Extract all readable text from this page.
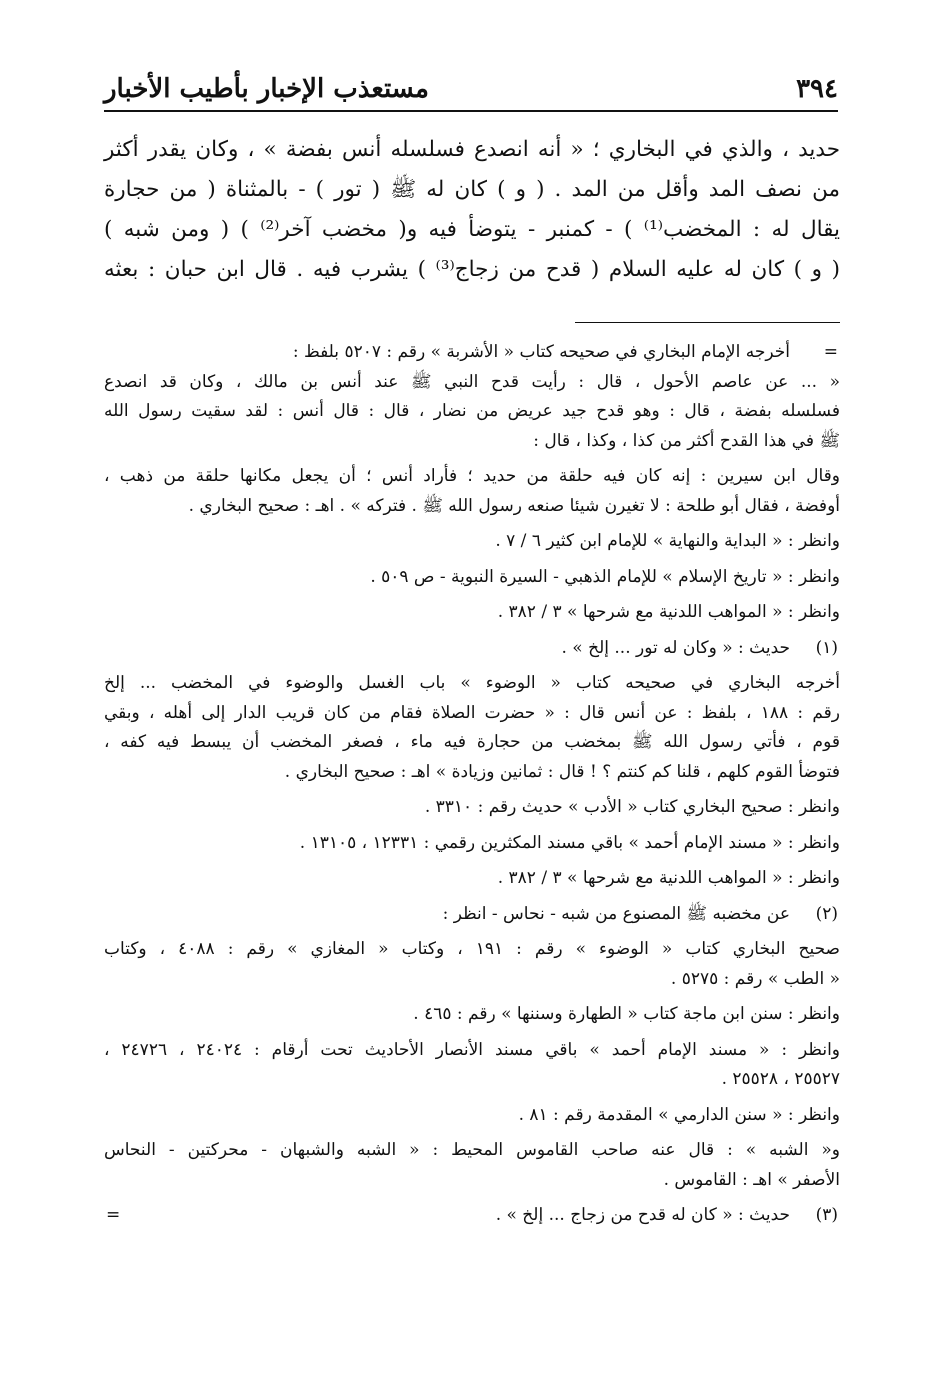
٣٩٤
مستعذب الإخبار بأطيب الأخبار

حديد ، والذي في البخاري ؛ « أنه انصدع فسلسله أنس بفضة » ، وكان يقدر أكثر

من نصف المد وأقل من المد . ( و ) كان له ﷺ ( تور ) - بالمثناة ( من حجارة

يقال له : المخضب⁽¹⁾ ) - كمنبر - يتوضأ فيه و( مخضب آخر⁽²⁾ ) ( ومن شبه )

( و ) كان له عليه السلام ( قدح من زجاج⁽³⁾ ) يشرب فيه . قال ابن حبان : بعثه

=

أخرجه الإمام البخاري في صحيحه كتاب « الأشربة » رقم : ٥٢٠٧ بلفظ :

« ... عن عاصم الأحول ، قال : رأيت قدح النبي ﷺ عند أنس بن مالك ، وكان قد انصدع

فسلسله بفضة ، قال : وهو قدح جيد عريض من نضار ، قال : قال أنس : لقد سقيت رسول الله

ﷺ في هذا القدح أكثر من كذا ، وكذا ، قال :

وقال ابن سيرين : إنه كان فيه حلقة من حديد ؛ فأراد أنس ؛ أن يجعل مكانها حلقة من ذهب ،

أوفضة ، فقال أبو طلحة : لا تغيرن شيئا صنعه رسول الله ﷺ . فتركه » . اهـ : صحيح البخاري .

وانظر : « البداية والنهاية » للإمام ابن كثير ٦ / ٧ .

وانظر : « تاريخ الإسلام » للإمام الذهبي - السيرة النبوية - ص ٥٠٩ .

وانظر : « المواهب اللدنية مع شرحها » ٣ / ٣٨٢ .

(١)

حديث : « وكان له تور ... إلخ » .

أخرجه البخاري في صحيحه كتاب « الوضوء » باب الغسل والوضوء في المخضب ... إلخ

رقم : ١٨٨ ، بلفظ : عن أنس قال : « حضرت الصلاة فقام من كان قريب الدار إلى أهله ، وبقي

قوم ، فأتي رسول الله ﷺ بمخضب من حجارة فيه ماء ، فصغر المخضب أن يبسط فيه كفه ،

فتوضأ القوم كلهم ، قلنا كم كنتم ؟ ! قال : ثمانين وزيادة » اهـ : صحيح البخاري .

وانظر : صحيح البخاري كتاب « الأدب » حديث رقم : ٣٣١٠ .

وانظر : « مسند الإمام أحمد » باقي مسند المكثرين رقمي : ١٢٣٣١ ، ١٣١٠٥ .

وانظر : « المواهب اللدنية مع شرحها » ٣ / ٣٨٢ .

(٢)

عن مخضبه ﷺ المصنوع من شبه - نحاس - انظر :

صحيح البخاري كتاب « الوضوء » رقم : ١٩١ ، وكتاب « المغازي » رقم : ٤٠٨٨ ، وكتاب

« الطب » رقم : ٥٢٧٥ .

وانظر : سنن ابن ماجة كتاب « الطهارة وسننها » رقم : ٤٦٥ .

وانظر : « مسند الإمام أحمد » باقي مسند الأنصار الأحاديث تحت أرقام : ٢٤٠٢٤ ، ٢٤٧٢٦ ،

٢٥٥٢٧ ، ٢٥٥٢٨ .

وانظر : « سنن الدارمي » المقدمة رقم : ٨١ .

و« الشبه » : قال عنه صاحب القاموس المحيط : « الشبه والشبهان - محركتين - النحاس

الأصفر » اهـ : القاموس .

(٣)

حديث : « كان له قدح من زجاج ... إلخ » .

=
